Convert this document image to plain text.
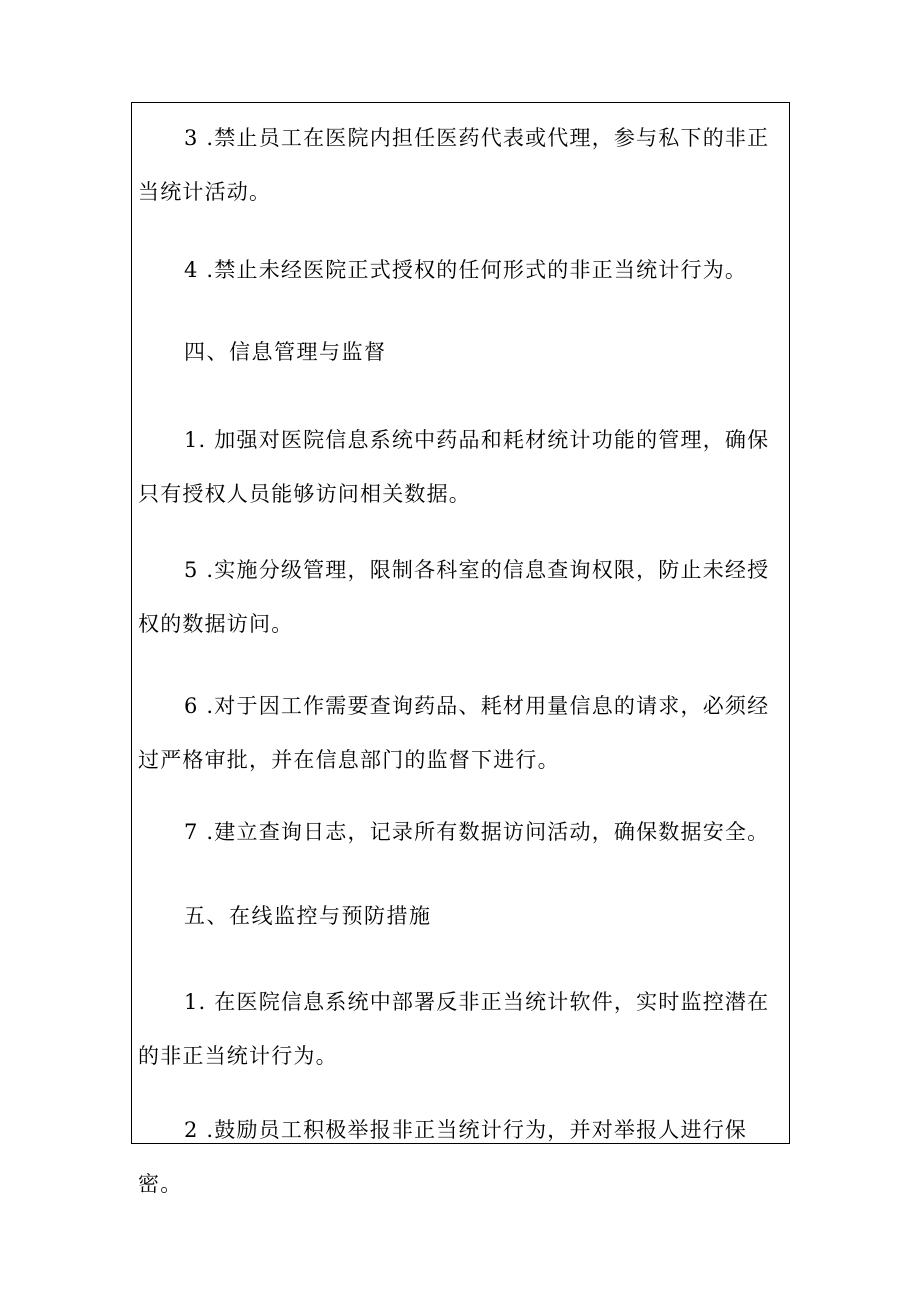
3 .禁止员工在医院内担任医药代表或代理，参与私下的非正当统计活动。
4 .禁止未经医院正式授权的任何形式的非正当统计行为。
四、信息管理与监督
1. 加强对医院信息系统中药品和耗材统计功能的管理，确保只有授权人员能够访问相关数据。
5 .实施分级管理，限制各科室的信息查询权限，防止未经授权的数据访问。
6 .对于因工作需要查询药品、耗材用量信息的请求，必须经过严格审批，并在信息部门的监督下进行。
7 .建立查询日志，记录所有数据访问活动，确保数据安全。
五、在线监控与预防措施
1. 在医院信息系统中部署反非正当统计软件，实时监控潜在的非正当统计行为。
2 .鼓励员工积极举报非正当统计行为，并对举报人进行保密。
